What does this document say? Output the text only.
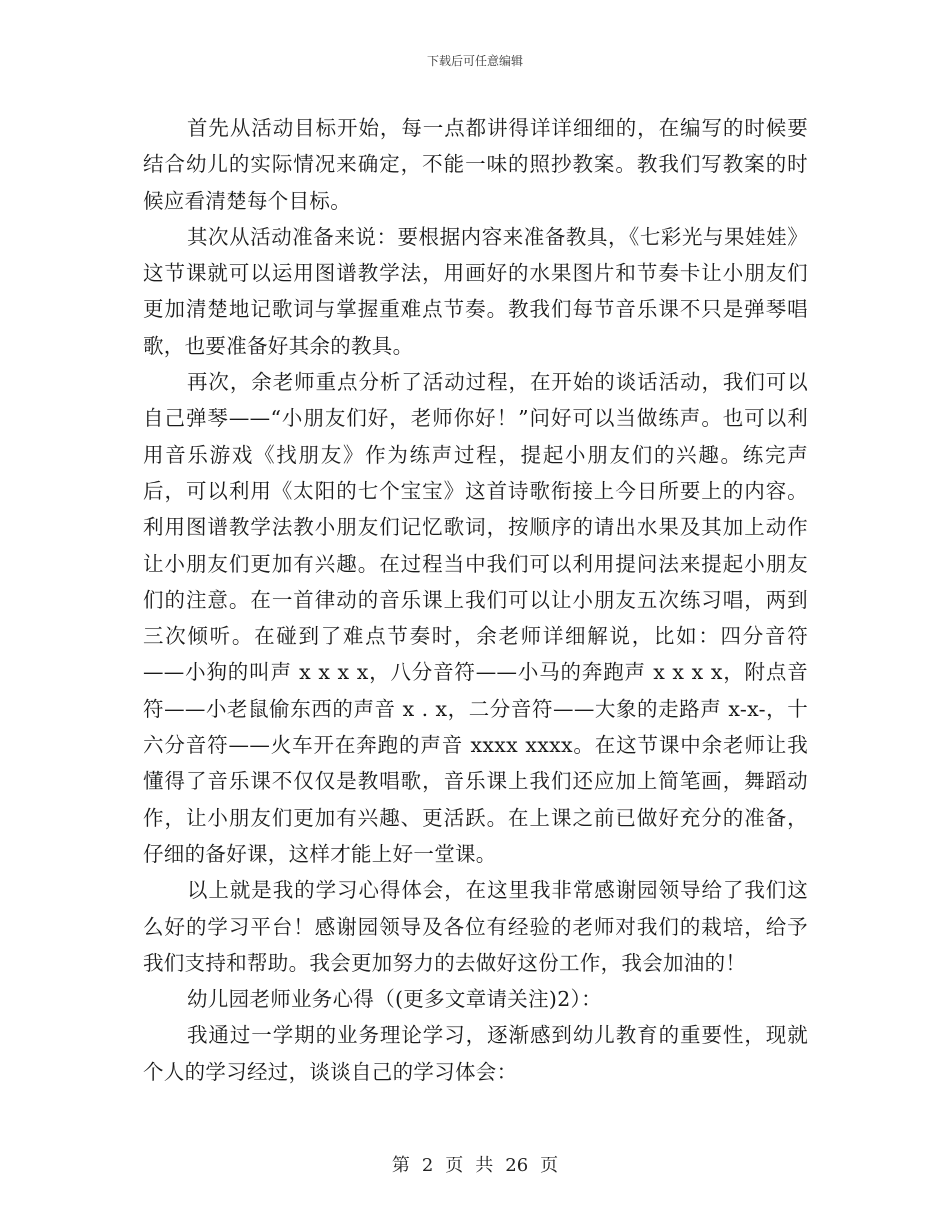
下载后可任意编辑

首先从活动目标开始，每一点都讲得详详细细的，在编写的时候要结合幼儿的实际情况来确定，不能一味的照抄教案。教我们写教案的时候应看清楚每个目标。

其次从活动准备来说：要根据内容来准备教具，《七彩光与果娃娃》这节课就可以运用图谱教学法，用画好的水果图片和节奏卡让小朋友们更加清楚地记歌词与掌握重难点节奏。教我们每节音乐课不只是弹琴唱歌，也要准备好其余的教具。

再次，余老师重点分析了活动过程，在开始的谈话活动，我们可以自己弹琴——“小朋友们好，老师你好！”问好可以当做练声。也可以利用音乐游戏《找朋友》作为练声过程，提起小朋友们的兴趣。练完声后，可以利用《太阳的七个宝宝》这首诗歌衔接上今日所要上的内容。利用图谱教学法教小朋友们记忆歌词，按顺序的请出水果及其加上动作让小朋友们更加有兴趣。在过程当中我们可以利用提问法来提起小朋友们的注意。在一首律动的音乐课上我们可以让小朋友五次练习唱，两到三次倾听。在碰到了难点节奏时，余老师详细解说，比如：四分音符——小狗的叫声 x x x x，八分音符——小马的奔跑声 x x x x，附点音符——小老鼠偷东西的声音 x . x，二分音符——大象的走路声 x-x-，十六分音符——火车开在奔跑的声音 xxxx xxxx。在这节课中余老师让我懂得了音乐课不仅仅是教唱歌，音乐课上我们还应加上简笔画，舞蹈动作，让小朋友们更加有兴趣、更活跃。在上课之前已做好充分的准备，仔细的备好课，这样才能上好一堂课。

以上就是我的学习心得体会，在这里我非常感谢园领导给了我们这么好的学习平台！感谢园领导及各位有经验的老师对我们的栽培，给予我们支持和帮助。我会更加努力的去做好这份工作，我会加油的！

幼儿园老师业务心得（(更多文章请关注)2）：

我通过一学期的业务理论学习，逐渐感到幼儿教育的重要性，现就个人的学习经过，谈谈自己的学习体会：

第 2 页 共 26 页
